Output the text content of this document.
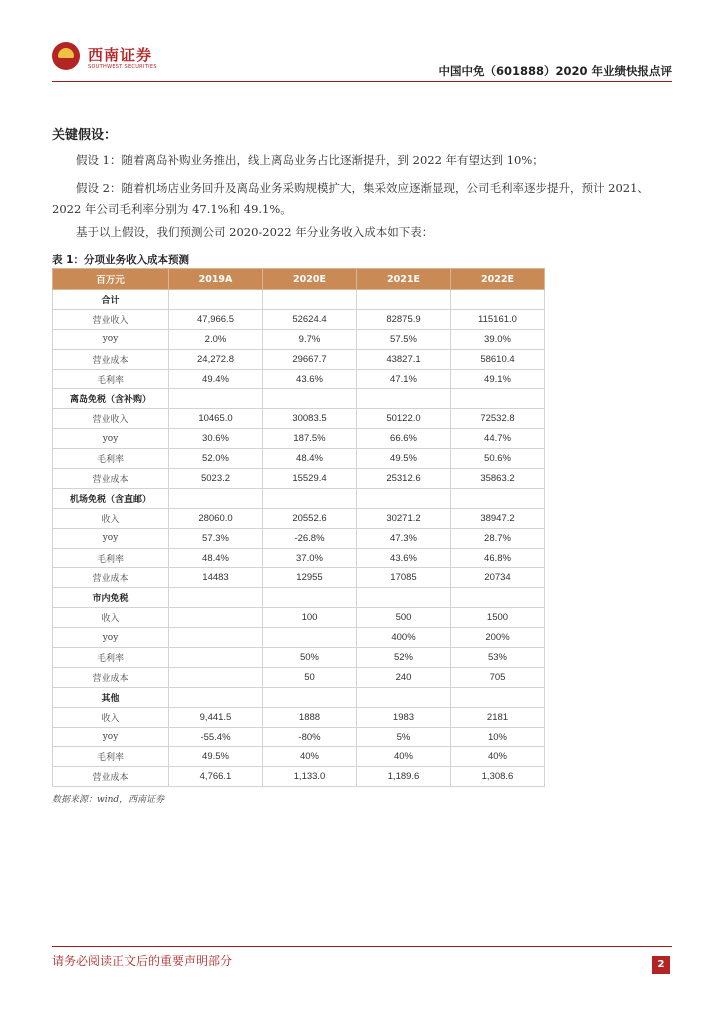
西南证券
SOUTHWEST SECURITIES	中国中免（601888）2020 年业绩快报点评
关键假设：
假设 1：随着离岛补购业务推出，线上离岛业务占比逐渐提升，到 2022 年有望达到 10%；
假设 2：随着机场店业务回升及离岛业务采购规模扩大，集采效应逐渐显现，公司毛利率逐步提升，预计 2021、2022 年公司毛利率分别为 47.1%和 49.1%。
基于以上假设，我们预测公司 2020-2022 年分业务收入成本如下表：
表 1：分项业务收入成本预测
百万元	2019A	2020E	2021E	2022E
合计				
营业收入	47,966.5	52624.4	82875.9	115161.0
yoy	2.0%	9.7%	57.5%	39.0%
营业成本	24,272.8	29667.7	43827.1	58610.4
毛利率	49.4%	43.6%	47.1%	49.1%
离岛免税（含补购）				
营业收入	10465.0	30083.5	50122.0	72532.8
yoy	30.6%	187.5%	66.6%	44.7%
毛利率	52.0%	48.4%	49.5%	50.6%
营业成本	5023.2	15529.4	25312.6	35863.2
机场免税（含直邮）				
收入	28060.0	20552.6	30271.2	38947.2
yoy	57.3%	-26.8%	47.3%	28.7%
毛利率	48.4%	37.0%	43.6%	46.8%
营业成本	14483	12955	17085	20734
市内免税				
收入		100	500	1500
yoy			400%	200%
毛利率		50%	52%	53%
营业成本		50	240	705
其他				
收入	9,441.5	1888	1983	2181
yoy	-55.4%	-80%	5%	10%
毛利率	49.5%	40%	40%	40%
营业成本	4,766.1	1,133.0	1,189.6	1,308.6
数据来源：wind，西南证券
请务必阅读正文后的重要声明部分	2
